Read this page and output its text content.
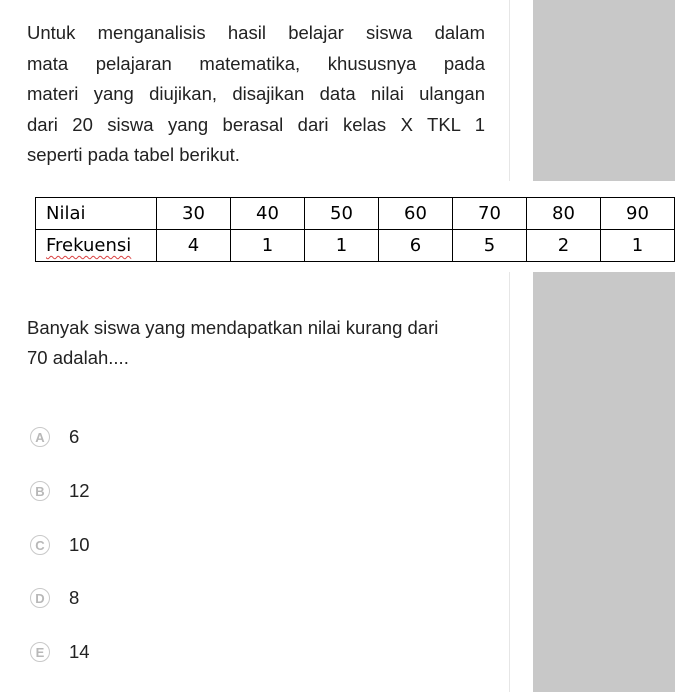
Untuk menganalisis hasil belajar siswa dalam
mata pelajaran matematika, khususnya pada
materi yang diujikan, disajikan data nilai ulangan
dari 20 siswa yang berasal dari kelas X TKL 1
seperti pada tabel berikut.
Nilai	30	40	50	60	70	80	90
Frekuensi	4	1	1	6	5	2	1
Banyak siswa yang mendapatkan nilai kurang dari
70 adalah....
A 6
B 12
C 10
D 8
E	14
